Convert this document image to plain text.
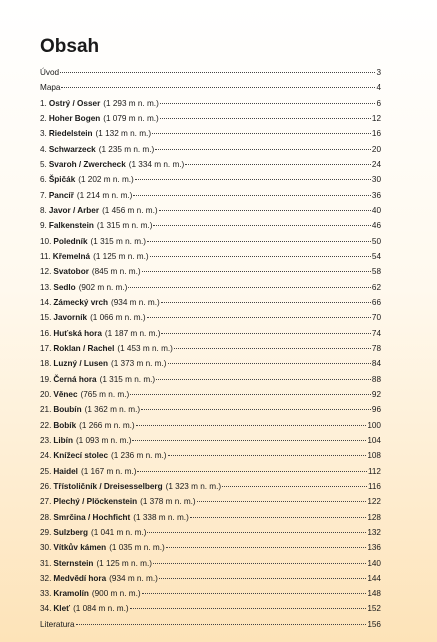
Obsah
Úvod	3
Mapa	4
1. Ostrý / Osser (1 293 m n. m.)	6
2. Hoher Bogen (1 079 m n. m.)	12
3. Riedelstein (1 132 m n. m.)	16
4. Schwarzeck (1 235 m n. m.)	20
5. Svaroh / Zwercheck (1 334 m n. m.)	24
6. Špičák (1 202 m n. m.)	30
7. Pancíř (1 214 m n. m.)	36
8. Javor / Arber (1 456 m n. m.)	40
9. Falkenstein (1 315 m n. m.)	46
10. Poledník (1 315 m n. m.)	50
11. Křemelná (1 125 m n. m.)	54
12. Svatobor (845 m n. m.)	58
13. Sedlo (902 m n. m.)	62
14. Zámecký vrch (934 m n. m.)	66
15. Javorník (1 066 m n. m.)	70
16. Huťská hora (1 187 m n. m.)	74
17. Roklan / Rachel (1 453 m n. m.)	78
18. Luzný / Lusen (1 373 m n. m.)	84
19. Černá hora (1 315 m n. m.)	88
20. Věnec (765 m n. m.)	92
21. Boubín (1 362 m n. m.)	96
22. Bobík (1 266 m n. m.)	100
23. Libín (1 093 m n. m.)	104
24. Knížecí stolec (1 236 m n. m.)	108
25. Haidel (1 167 m n. m.)	112
26. Třístoličník / Dreisesselberg (1 323 m n. m.)	116
27. Plechý / Plöckenstein (1 378 m n. m.)	122
28. Smrčina / Hochficht (1 338 m n. m.)	128
29. Sulzberg (1 041 m n. m.)	132
30. Vítkův kámen (1 035 m n. m.)	136
31. Sternstein (1 125 m n. m.)	140
32. Medvědí hora (934 m n. m.)	144
33. Kramolín (900 m n. m.)	148
34. Kleť (1 084 m n. m.)	152
Literatura	156
